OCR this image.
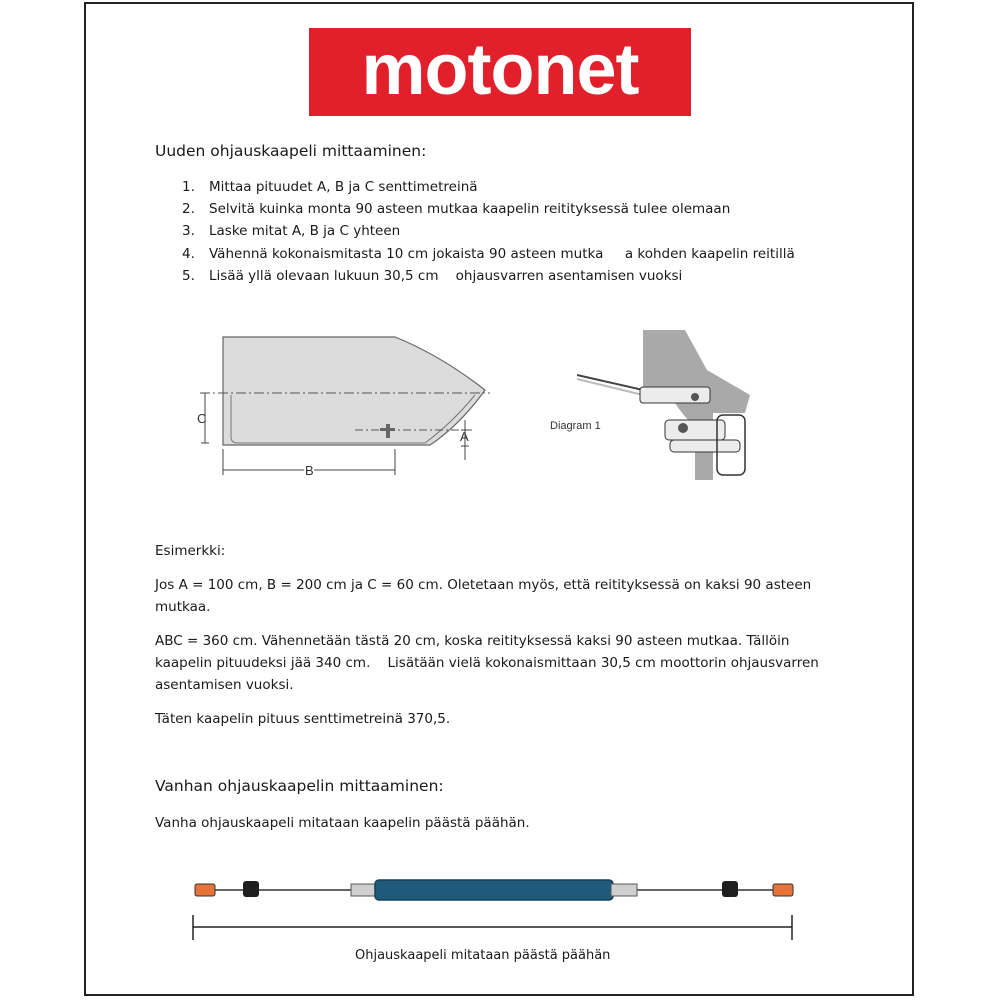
motonet
Uuden ohjauskaapeli mittaaminen:
1. Mittaa pituudet A, B ja C senttimetreinä
2. Selvitä kuinka monta 90 asteen mutkaa kaapelin reitityksessä tulee olemaan
3. Laske mitat A, B ja C yhteen
4. Vähennä kokonaismitasta 10 cm jokaista 90 asteen mutka     a kohden kaapelin reitillä
5. Lisää yllä olevaan lukuun 30,5 cm    ohjausvarren asentamisen vuoksi
C
A
B
Diagram 1
Esimerkki:
Jos A = 100 cm, B = 200 cm ja C = 60 cm. Oletetaan myös, että reitityksessä on kaksi 90 asteen
mutkaa.
ABC = 360 cm. Vähennetään tästä 20 cm, koska reitityksessä kaksi 90 asteen mutkaa. Tällöin
kaapelin pituudeksi jää 340 cm.    Lisätään vielä kokonaismittaan 30,5 cm moottorin ohjausvarren
asentamisen vuoksi.
Täten kaapelin pituus senttimetreinä 370,5.
Vanhan ohjauskaapelin mittaaminen:
Vanha ohjauskaapeli mitataan kaapelin päästä päähän.
Ohjauskaapeli mitataan päästä päähän
